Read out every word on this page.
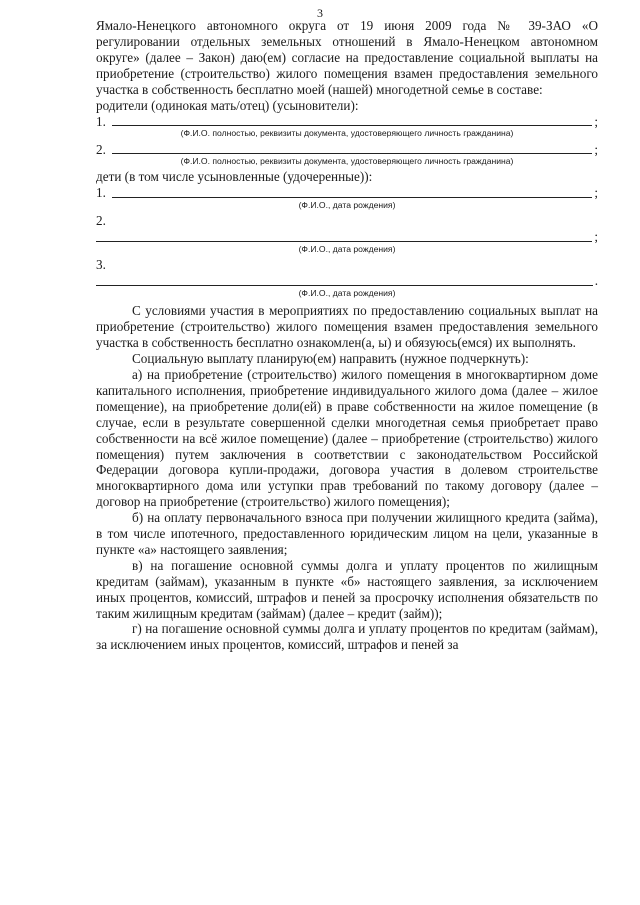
3

Ямало-Ненецкого автономного округа от 19 июня 2009 года № 39-ЗАО «О регулировании отдельных земельных отношений в Ямало-Ненецком автономном округе» (далее – Закон) даю(ем) согласие на предоставление социальной выплаты на приобретение (строительство) жилого помещения взамен предоставления земельного участка в собственность бесплатно моей (нашей) многодетной семье в составе:

родители (одинокая мать/отец) (усыновители):

1.	;
(Ф.И.О. полностью, реквизиты документа, удостоверяющего личность гражданина)
2.	;
(Ф.И.О. полностью, реквизиты документа, удостоверяющего личность гражданина)

дети (в том числе усыновленные (удочеренные)):

1.	;
(Ф.И.О., дата рождения)
2.
;
(Ф.И.О., дата рождения)
3.
.
(Ф.И.О., дата рождения)

С условиями участия в мероприятиях по предоставлению социальных выплат на приобретение (строительство) жилого помещения взамен предоставления земельного участка в собственность бесплатно ознакомлен(а, ы) и обязуюсь(емся) их выполнять.

Социальную выплату планирую(ем) направить (нужное подчеркнуть):

а) на приобретение (строительство) жилого помещения в многоквартирном доме капитального исполнения, приобретение индивидуального жилого дома (далее – жилое помещение), на приобретение доли(ей) в праве собственности на жилое помещение (в случае, если в результате совершенной сделки многодетная семья приобретает право собственности на всё жилое помещение) (далее – приобретение (строительство) жилого помещения) путем заключения в соответствии с законодательством Российской Федерации договора купли-продажи, договора участия в долевом строительстве многоквартирного дома или уступки прав требований по такому договору (далее – договор на приобретение (строительство) жилого помещения);

б) на оплату первоначального взноса при получении жилищного кредита (займа), в том числе ипотечного, предоставленного юридическим лицом на цели, указанные в пункте «а» настоящего заявления;

в) на погашение основной суммы долга и уплату процентов по жилищным кредитам (займам), указанным в пункте «б» настоящего заявления, за исключением иных процентов, комиссий, штрафов и пеней за просрочку исполнения обязательств по таким жилищным кредитам (займам) (далее – кредит (займ));

г) на погашение основной суммы долга и уплату процентов по кредитам (займам), за исключением иных процентов, комиссий, штрафов и пеней за
